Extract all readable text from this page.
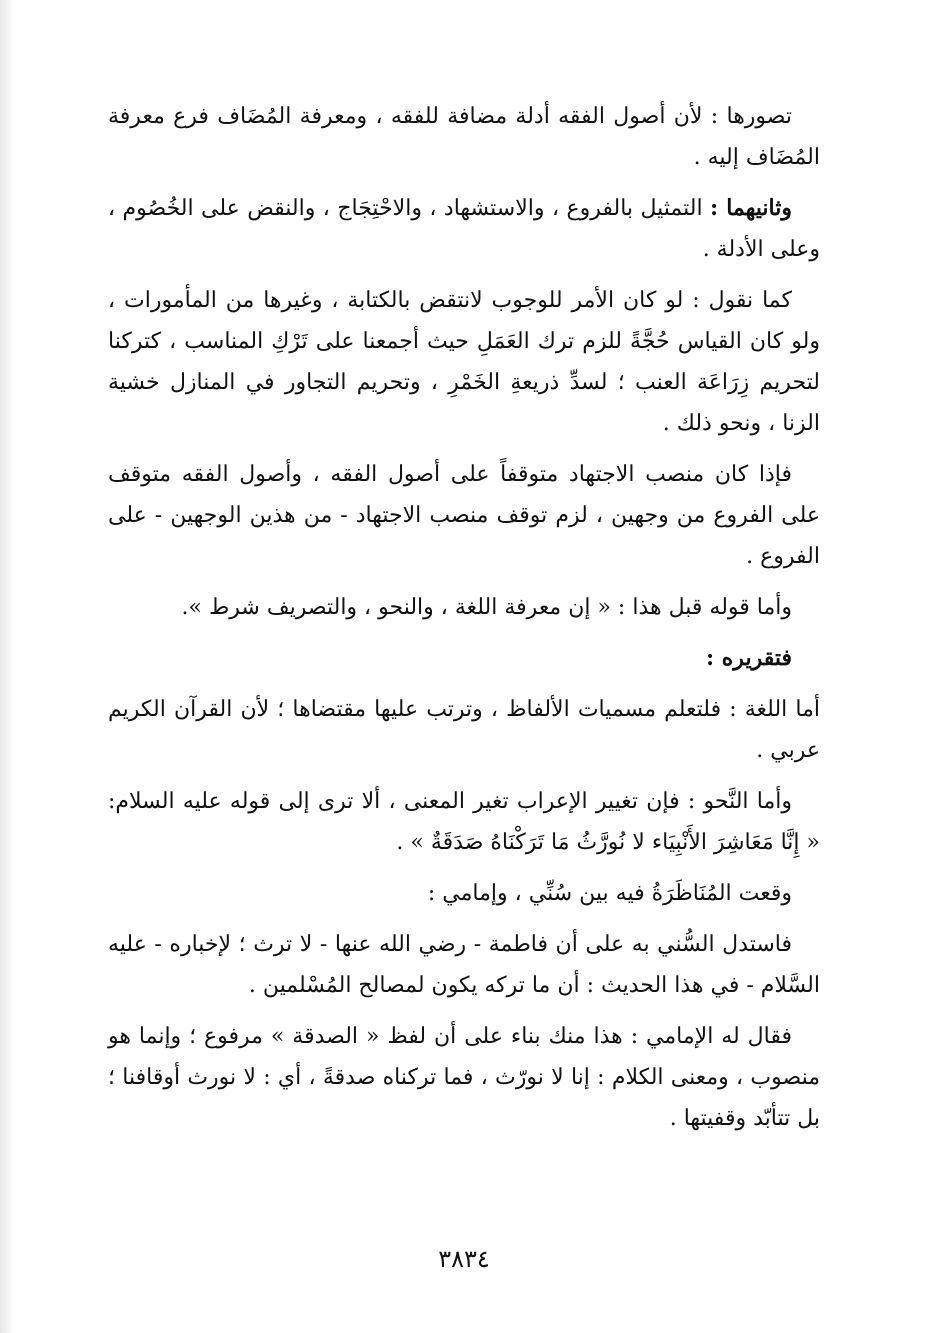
تصورها : لأن أصول الفقه أدلة مضافة للفقه ، ومعرفة المُضَاف فرع معرفة المُضَاف إليه .

وثانيهما : التمثيل بالفروع ، والاستشهاد ، والاحْتِجَاج ، والنقض على الخُصُوم ، وعلى الأدلة .

كما نقول : لو كان الأمر للوجوب لانتقض بالكتابة ، وغيرها من المأمورات ، ولو كان القياس حُجَّةً للزم ترك العَمَلِ حيث أجمعنا على تَرْكِ المناسب ، كتركنا لتحريم زِرَاعَة العنب ؛ لسدِّ ذريعةِ الخَمْرِ ، وتحريم التجاور في المنازل خشية الزنا ، ونحو ذلك .

فإذا كان منصب الاجتهاد متوقفاً على أصول الفقه ، وأصول الفقه متوقف على الفروع من وجهين ، لزم توقف منصب الاجتهاد - من هذين الوجهين - على الفروع .

وأما قوله قبل هذا : « إن معرفة اللغة ، والنحو ، والتصريف شرط ».

فتقريره :

أما اللغة : فلتعلم مسميات الألفاظ ، وترتب عليها مقتضاها ؛ لأن القرآن الكريم عربي .

وأما النَّحو : فإن تغيير الإعراب تغير المعنى ، ألا ترى إلى قوله عليه السلام: « إِنَّا مَعَاشِرَ الأَنْبِيَاء لا نُورَّثُ مَا تَرَكْنَاهُ صَدَقَةٌ » .

وقعت المُنَاظَرَةُ فيه بين سُنِّي ، وإمامي :

فاستدل السُّني به على أن فاطمة - رضي الله عنها - لا ترث ؛ لإخباره - عليه السَّلام - في هذا الحديث : أن ما تركه يكون لمصالح المُسْلمين .

فقال له الإمامي : هذا منك بناء على أن لفظ « الصدقة » مرفوع ؛ وإنما هو منصوب ، ومعنى الكلام : إنا لا نورّث ، فما تركناه صدقةً ، أي : لا نورث أوقافنا ؛ بل تتأبّد وقفيتها .

٣٨٣٤
